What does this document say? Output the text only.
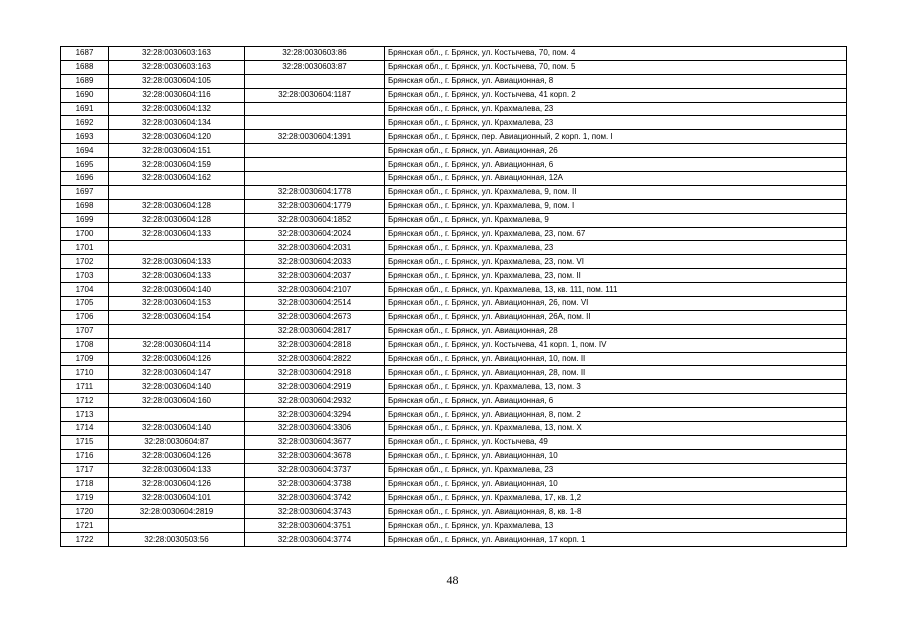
1687	32:28:0030603:163	32:28:0030603:86	Брянская обл., г. Брянск, ул. Костычева, 70, пом. 4
1688	32:28:0030603:163	32:28:0030603:87	Брянская обл., г. Брянск, ул. Костычева, 70, пом. 5
1689	32:28:0030604:105		Брянская обл., г. Брянск, ул. Авиационная, 8
1690	32:28:0030604:116	32:28:0030604:1187	Брянская обл., г. Брянск, ул. Костычева, 41 корп. 2
1691	32:28:0030604:132		Брянская обл., г. Брянск, ул. Крахмалева, 23
1692	32:28:0030604:134		Брянская обл., г. Брянск, ул. Крахмалева, 23
1693	32:28:0030604:120	32:28:0030604:1391	Брянская обл., г. Брянск, пер. Авиационный, 2 корп. 1, пом. I
1694	32:28:0030604:151		Брянская обл., г. Брянск, ул. Авиационная, 26
1695	32:28:0030604:159		Брянская обл., г. Брянск, ул. Авиационная, 6
1696	32:28:0030604:162		Брянская обл., г. Брянск, ул. Авиационная, 12А
1697		32:28:0030604:1778	Брянская обл., г. Брянск, ул. Крахмалева, 9, пом. II
1698	32:28:0030604:128	32:28:0030604:1779	Брянская обл., г. Брянск, ул. Крахмалева, 9, пом. I
1699	32:28:0030604:128	32:28:0030604:1852	Брянская обл., г. Брянск, ул. Крахмалева, 9
1700	32:28:0030604:133	32:28:0030604:2024	Брянская обл., г. Брянск, ул. Крахмалева, 23, пом. 67
1701		32:28:0030604:2031	Брянская обл., г. Брянск, ул. Крахмалева, 23
1702	32:28:0030604:133	32:28:0030604:2033	Брянская обл., г. Брянск, ул. Крахмалева, 23, пом. VI
1703	32:28:0030604:133	32:28:0030604:2037	Брянская обл., г. Брянск, ул. Крахмалева, 23, пом. II
1704	32:28:0030604:140	32:28:0030604:2107	Брянская обл., г. Брянск, ул. Крахмалева, 13, кв. 111, пом. 111
1705	32:28:0030604:153	32:28:0030604:2514	Брянская обл., г. Брянск, ул. Авиационная, 26, пом. VI
1706	32:28:0030604:154	32:28:0030604:2673	Брянская обл., г. Брянск, ул. Авиационная, 26А, пом. II
1707		32:28:0030604:2817	Брянская обл., г. Брянск, ул. Авиационная, 28
1708	32:28:0030604:114	32:28:0030604:2818	Брянская обл., г. Брянск, ул. Костычева, 41 корп. 1, пом. IV
1709	32:28:0030604:126	32:28:0030604:2822	Брянская обл., г. Брянск, ул. Авиационная, 10, пом. II
1710	32:28:0030604:147	32:28:0030604:2918	Брянская обл., г. Брянск, ул. Авиационная, 28, пом. II
1711	32:28:0030604:140	32:28:0030604:2919	Брянская обл., г. Брянск, ул. Крахмалева, 13, пом. 3
1712	32:28:0030604:160	32:28:0030604:2932	Брянская обл., г. Брянск, ул. Авиационная, 6
1713		32:28:0030604:3294	Брянская обл., г. Брянск, ул. Авиационная, 8, пом. 2
1714	32:28:0030604:140	32:28:0030604:3306	Брянская обл., г. Брянск, ул. Крахмалева, 13, пом. X
1715	32:28:0030604:87	32:28:0030604:3677	Брянская обл., г. Брянск, ул. Костычева, 49
1716	32:28:0030604:126	32:28:0030604:3678	Брянская обл., г. Брянск, ул. Авиационная, 10
1717	32:28:0030604:133	32:28:0030604:3737	Брянская обл., г. Брянск, ул. Крахмалева, 23
1718	32:28:0030604:126	32:28:0030604:3738	Брянская обл., г. Брянск, ул. Авиационная, 10
1719	32:28:0030604:101	32:28:0030604:3742	Брянская обл., г. Брянск, ул. Крахмалева, 17, кв. 1,2
1720	32:28:0030604:2819	32:28:0030604:3743	Брянская обл., г. Брянск, ул. Авиационная, 8, кв. 1-8
1721		32:28:0030604:3751	Брянская обл., г. Брянск, ул. Крахмалева, 13
1722	32:28:0030503:56	32:28:0030604:3774	Брянская обл., г. Брянск, ул. Авиационная, 17 корп. 1
48
